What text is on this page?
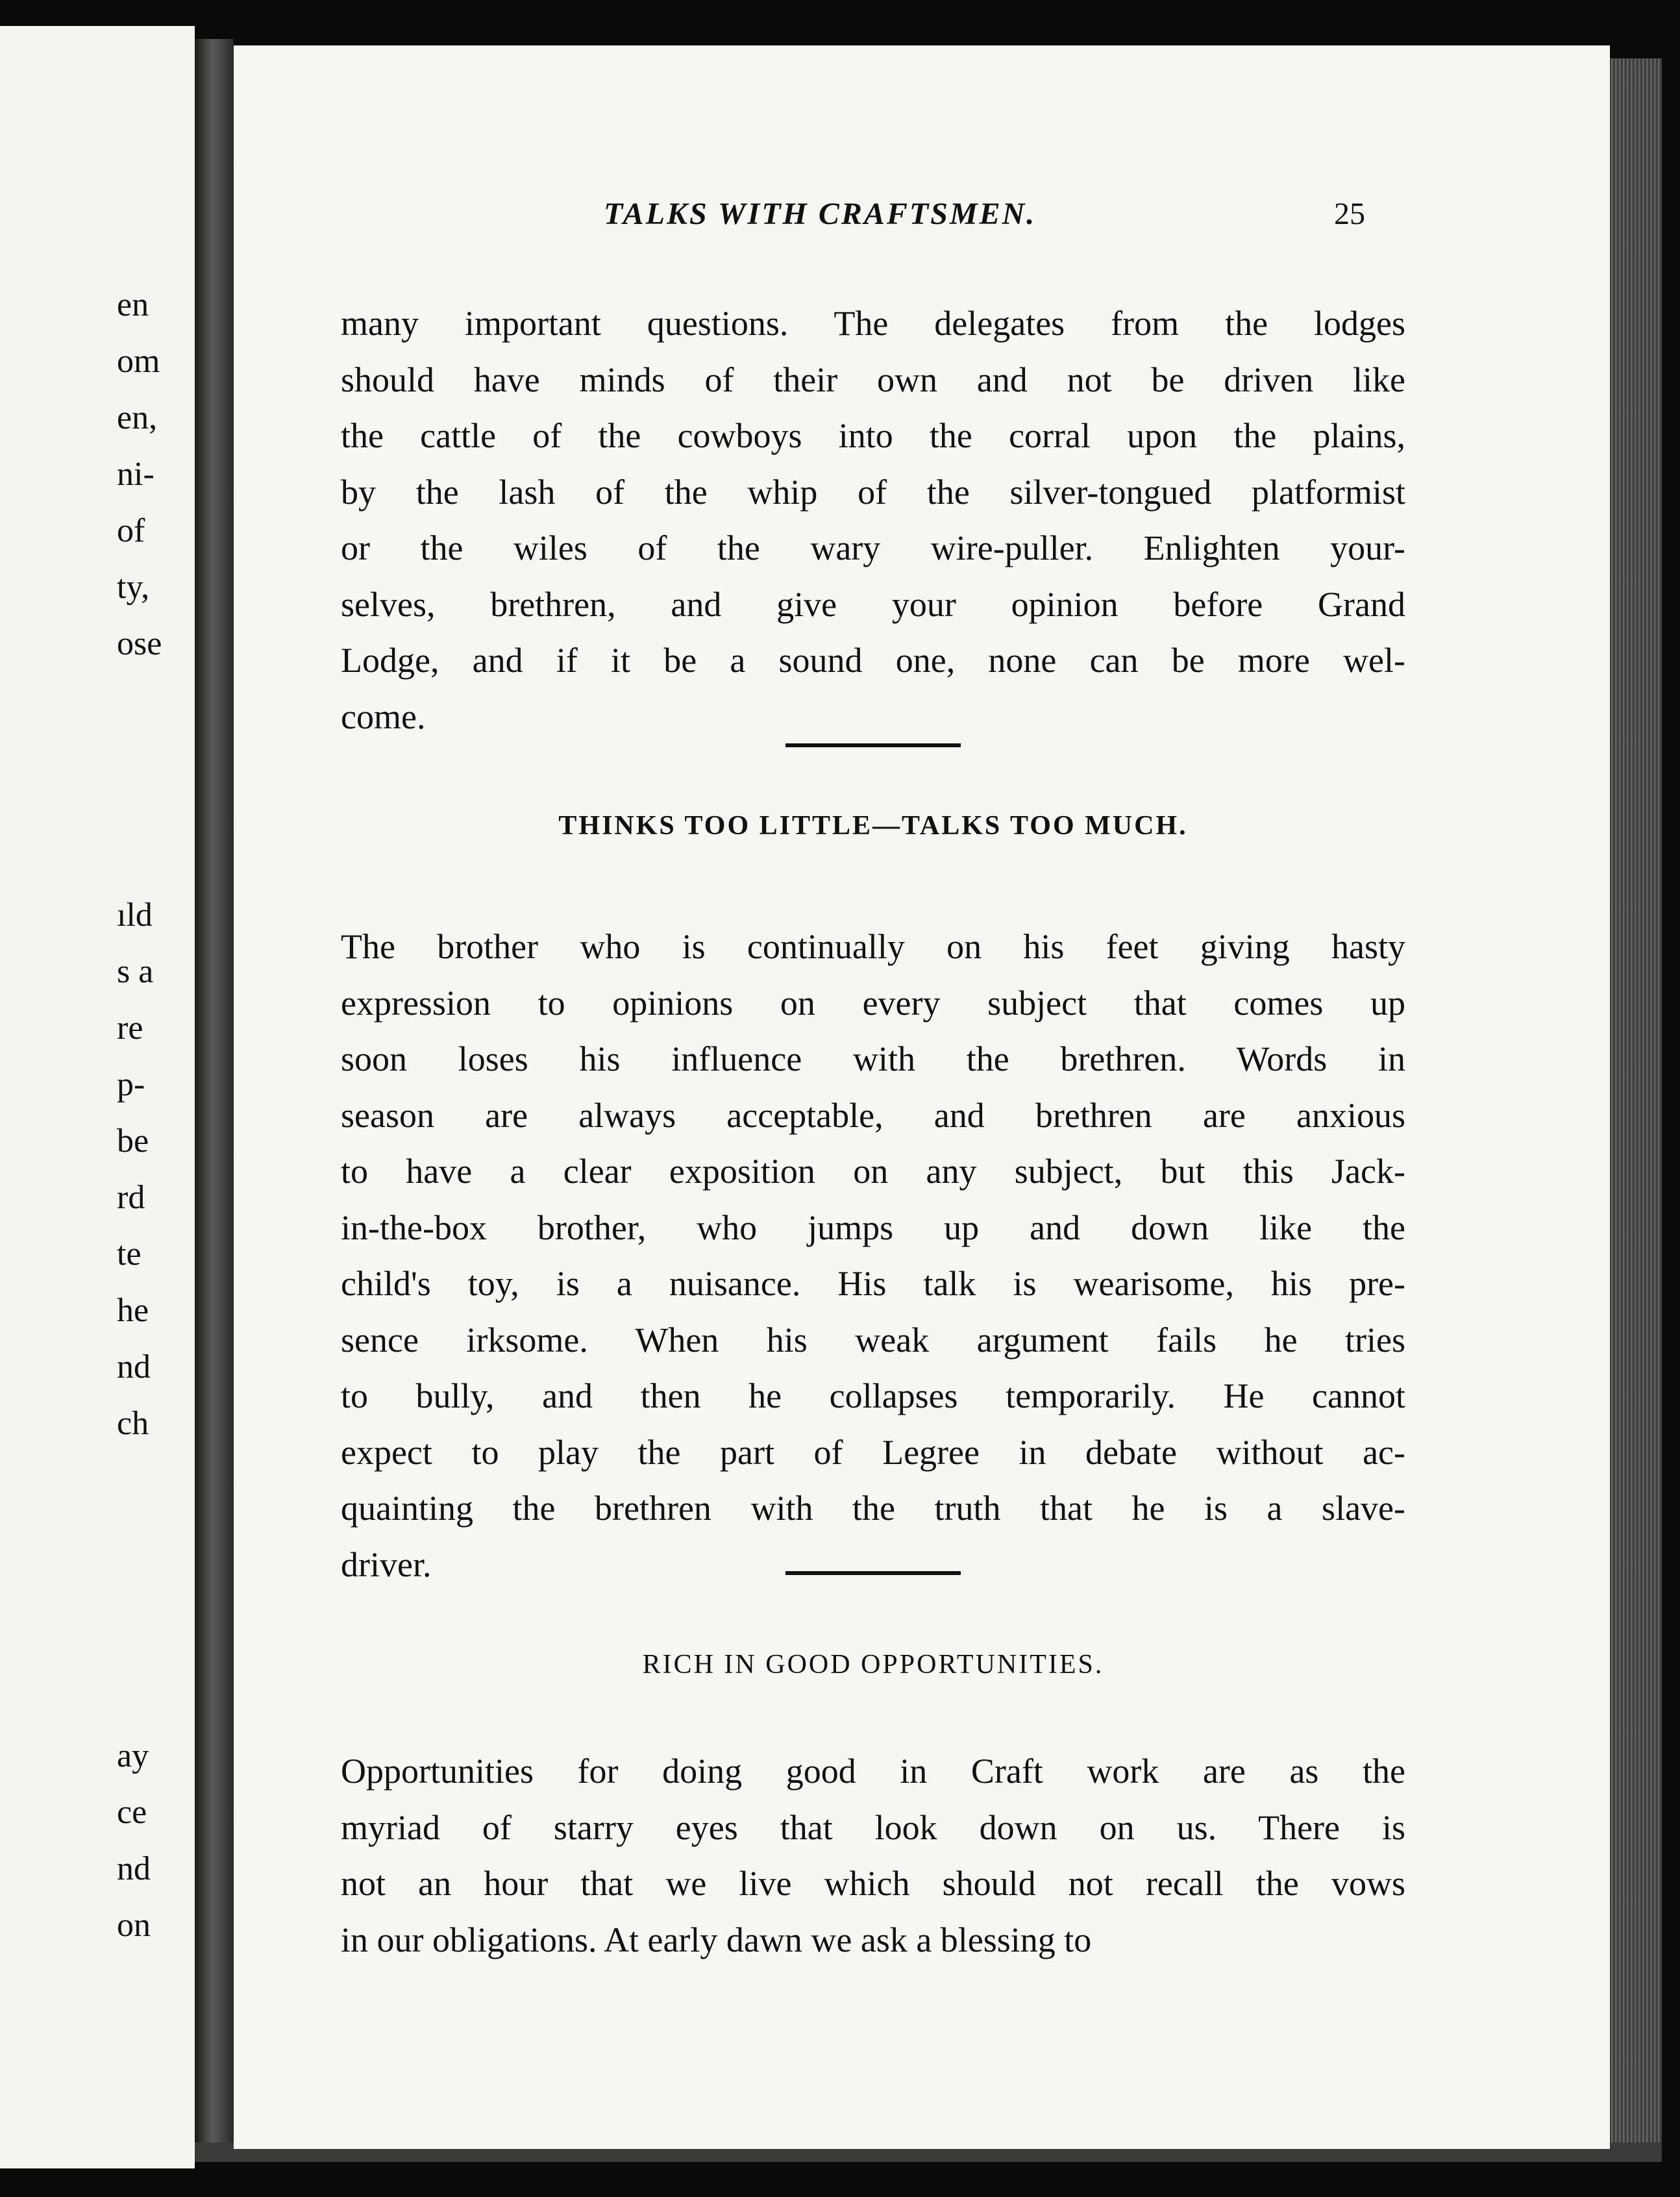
en
om
en,
ni-
of
ty,
ose
ıld
s a
re
p-
be
rd
te
he
nd
ch
ay
ce
nd
on
TALKS WITH CRAFTSMEN.	25
many important questions. The delegates from the lodges
should have minds of their own and not be driven like
the cattle of the cowboys into the corral upon the plains,
by the lash of the whip of the silver-tongued platformist
or the wiles of the wary wire-puller. Enlighten your-
selves, brethren, and give your opinion before Grand
Lodge, and if it be a sound one, none can be more wel-
come.
THINKS TOO LITTLE—TALKS TOO MUCH.
The brother who is continually on his feet giving hasty
expression to opinions on every subject that comes up
soon loses his influence with the brethren. Words in
season are always acceptable, and brethren are anxious
to have a clear exposition on any subject, but this Jack-
in-the-box brother, who jumps up and down like the
child's toy, is a nuisance. His talk is wearisome, his pre-
sence irksome. When his weak argument fails he tries
to bully, and then he collapses temporarily. He cannot
expect to play the part of Legree in debate without ac-
quainting the brethren with the truth that he is a slave-
driver.
RICH IN GOOD OPPORTUNITIES.
Opportunities for doing good in Craft work are as the
myriad of starry eyes that look down on us. There is
not an hour that we live which should not recall the vows
in our obligations. At early dawn we ask a blessing to
